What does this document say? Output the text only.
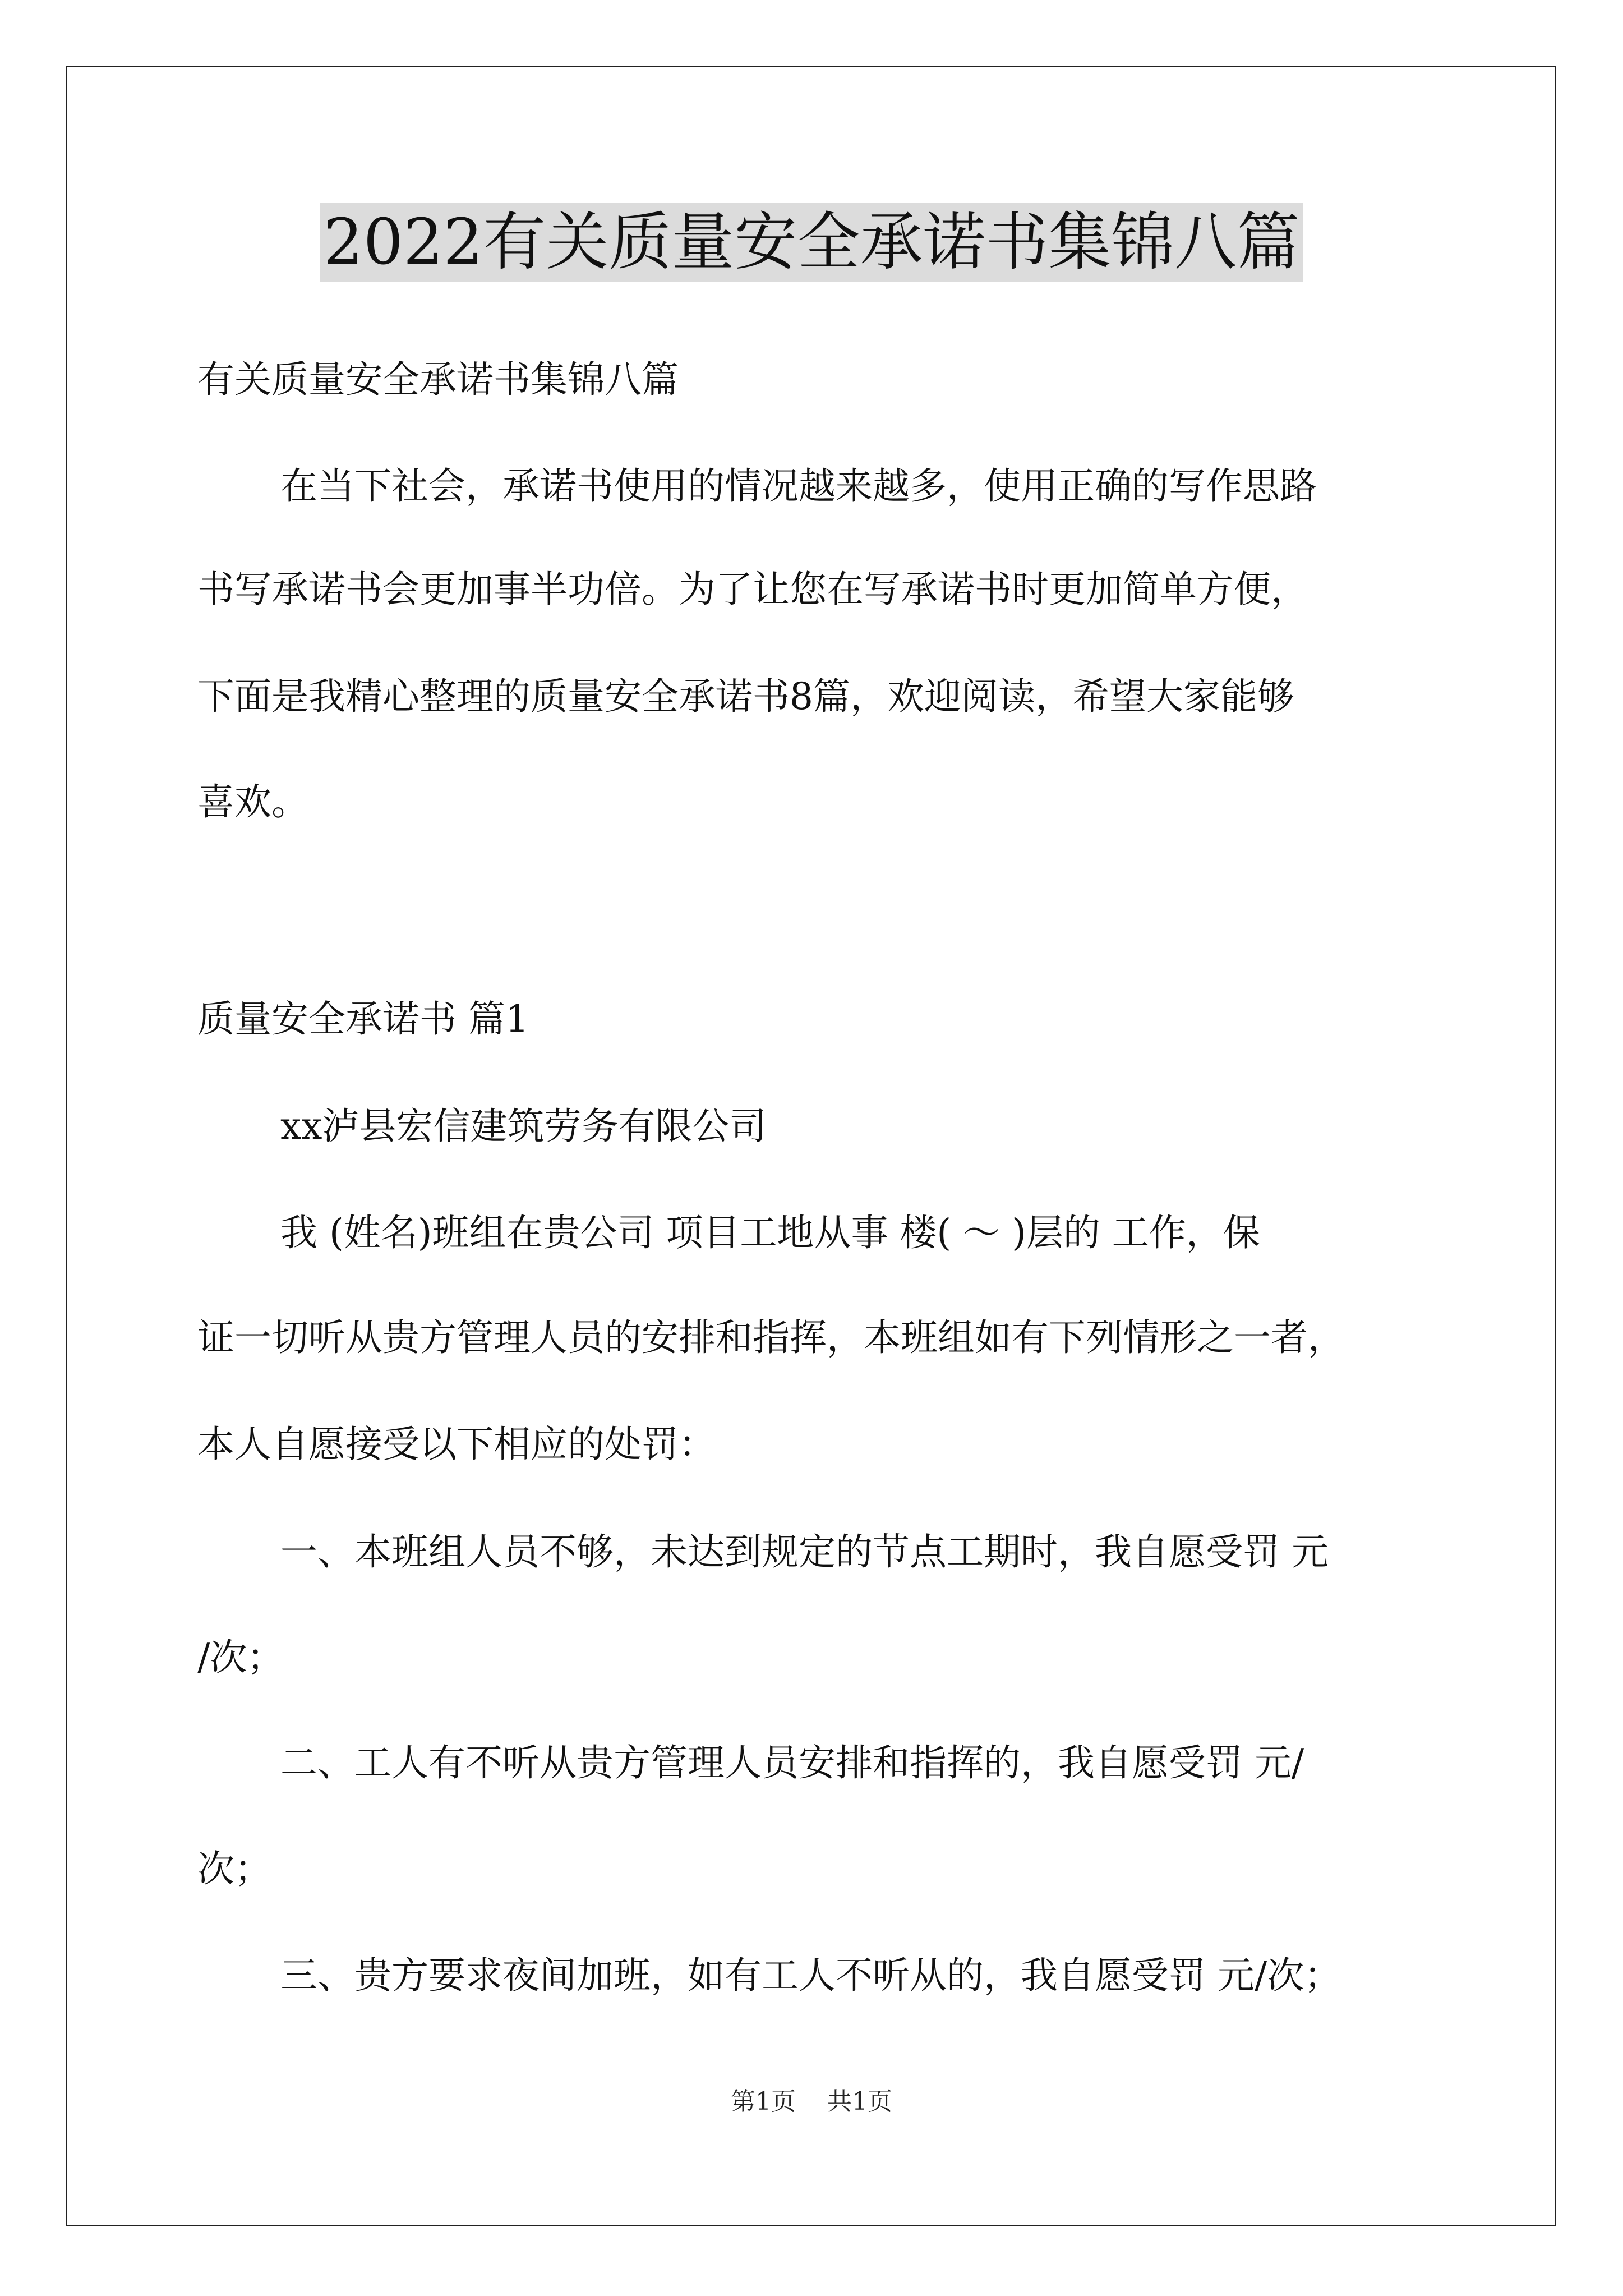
2022有关质量安全承诺书集锦八篇
有关质量安全承诺书集锦八篇
在当下社会，承诺书使用的情况越来越多，使用正确的写作思路
书写承诺书会更加事半功倍。为了让您在写承诺书时更加简单方便，
下面是我精心整理的质量安全承诺书8篇，欢迎阅读，希望大家能够
喜欢。
质量安全承诺书 篇1
xx泸县宏信建筑劳务有限公司
我 (姓名)班组在贵公司 项目工地从事 楼( ～ )层的 工作，保
证一切听从贵方管理人员的安排和指挥，本班组如有下列情形之一者，
本人自愿接受以下相应的处罚：
一、本班组人员不够，未达到规定的节点工期时，我自愿受罚 元
/次；
二、工人有不听从贵方管理人员安排和指挥的，我自愿受罚 元/
次；
三、贵方要求夜间加班，如有工人不听从的，我自愿受罚 元/次；
第1页    共1页
